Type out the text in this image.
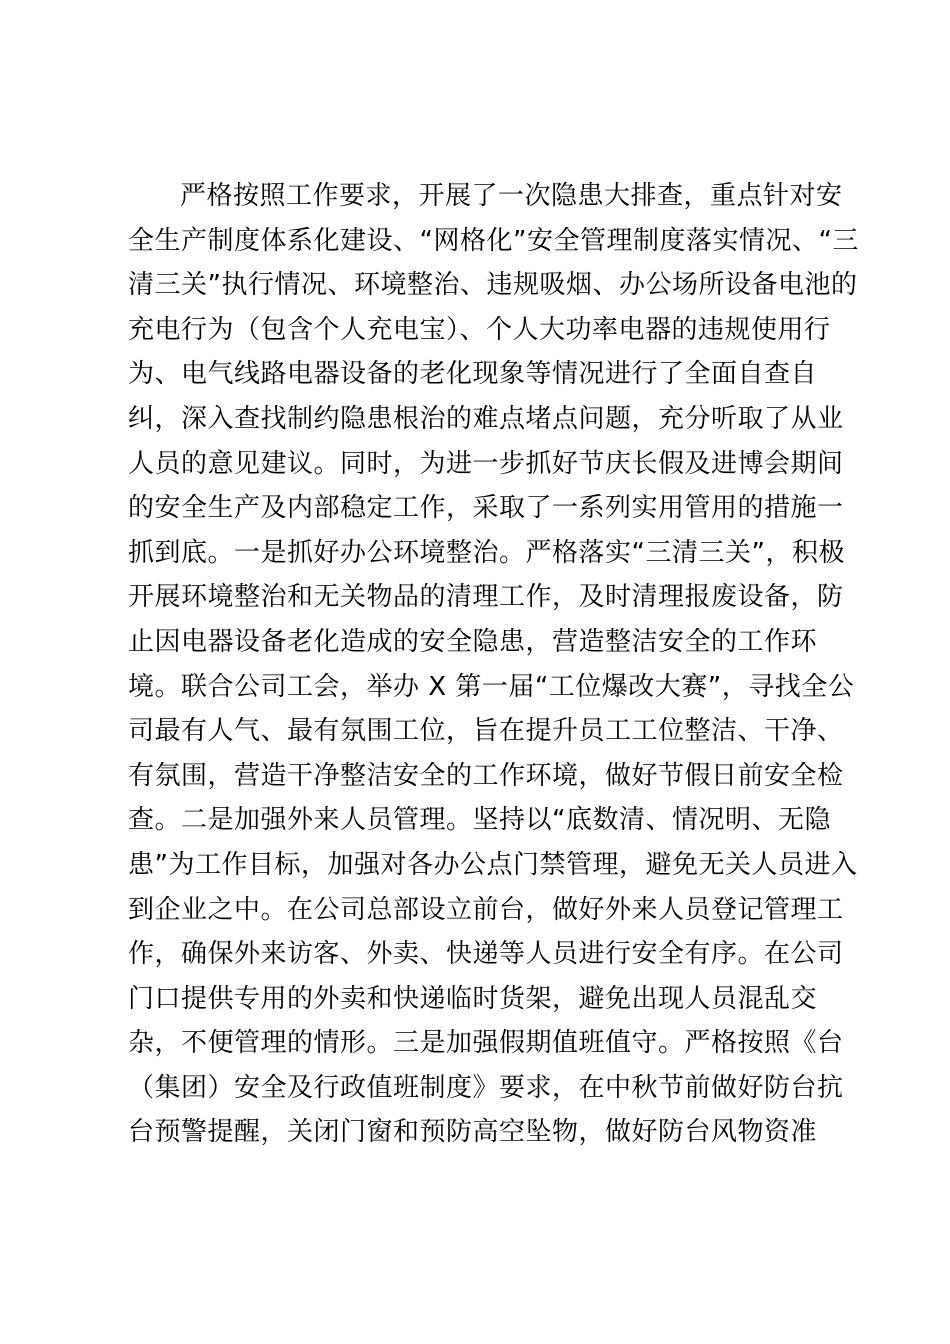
严格按照工作要求，开展了一次隐患大排查，重点针对安
全生产制度体系化建设、“网格化”安全管理制度落实情况、“三
清三关”执行情况、环境整治、违规吸烟、办公场所设备电池的
充电行为（包含个人充电宝）、个人大功率电器的违规使用行
为、电气线路电器设备的老化现象等情况进行了全面自查自
纠，深入查找制约隐患根治的难点堵点问题，充分听取了从业
人员的意见建议。同时，为进一步抓好节庆长假及进博会期间
的安全生产及内部稳定工作，采取了一系列实用管用的措施一
抓到底。一是抓好办公环境整治。严格落实“三清三关”，积极
开展环境整治和无关物品的清理工作，及时清理报废设备，防
止因电器设备老化造成的安全隐患，营造整洁安全的工作环
境。联合公司工会，举办 X 第一届“工位爆改大赛”，寻找全公
司最有人气、最有氛围工位，旨在提升员工工位整洁、干净、
有氛围，营造干净整洁安全的工作环境，做好节假日前安全检
查。二是加强外来人员管理。坚持以“底数清、情况明、无隐
患”为工作目标，加强对各办公点门禁管理，避免无关人员进入
到企业之中。在公司总部设立前台，做好外来人员登记管理工
作，确保外来访客、外卖、快递等人员进行安全有序。在公司
门口提供专用的外卖和快递临时货架，避免出现人员混乱交
杂，不便管理的情形。三是加强假期值班值守。严格按照《台
（集团）安全及行政值班制度》要求，在中秋节前做好防台抗
台预警提醒，关闭门窗和预防高空坠物，做好防台风物资准
